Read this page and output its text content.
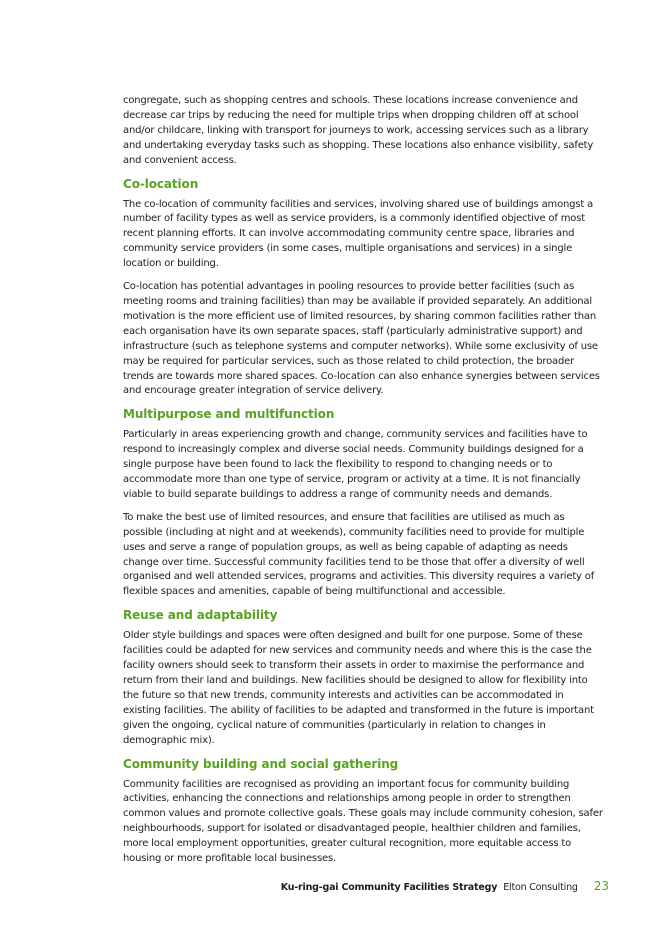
congregate, such as shopping centres and schools. These locations increase convenience and decrease car trips by reducing the need for multiple trips when dropping children off at school and/or childcare, linking with transport for journeys to work, accessing services such as a library and undertaking everyday tasks such as shopping. These locations also enhance visibility, safety and convenient access.

Co-location

The co-location of community facilities and services, involving shared use of buildings amongst a number of facility types as well as service providers, is a commonly identified objective of most recent planning efforts. It can involve accommodating community centre space, libraries and community service providers (in some cases, multiple organisations and services) in a single location or building.

Co-location has potential advantages in pooling resources to provide better facilities (such as meeting rooms and training facilities) than may be available if provided separately. An additional motivation is the more efficient use of limited resources, by sharing common facilities rather than each organisation have its own separate spaces, staff (particularly administrative support) and infrastructure (such as telephone systems and computer networks). While some exclusivity of use may be required for particular services, such as those related to child protection, the broader trends are towards more shared spaces. Co-location can also enhance synergies between services and encourage greater integration of service delivery.

Multipurpose and multifunction

Particularly in areas experiencing growth and change, community services and facilities have to respond to increasingly complex and diverse social needs. Community buildings designed for a single purpose have been found to lack the flexibility to respond to changing needs or to accommodate more than one type of service, program or activity at a time. It is not financially viable to build separate buildings to address a range of community needs and demands.

To make the best use of limited resources, and ensure that facilities are utilised as much as possible (including at night and at weekends), community facilities need to provide for multiple uses and serve a range of population groups, as well as being capable of adapting as needs change over time. Successful community facilities tend to be those that offer a diversity of well organised and well attended services, programs and activities. This diversity requires a variety of flexible spaces and amenities, capable of being multifunctional and accessible.

Reuse and adaptability

Older style buildings and spaces were often designed and built for one purpose. Some of these facilities could be adapted for new services and community needs and where this is the case the facility owners should seek to transform their assets in order to maximise the performance and return from their land and buildings. New facilities should be designed to allow for flexibility into the future so that new trends, community interests and activities can be accommodated in existing facilities. The ability of facilities to be adapted and transformed in the future is important given the ongoing, cyclical nature of communities (particularly in relation to changes in demographic mix).

Community building and social gathering

Community facilities are recognised as providing an important focus for community building activities, enhancing the connections and relationships among people in order to strengthen common values and promote collective goals. These goals may include community cohesion, safer neighbourhoods, support for isolated or disadvantaged people, healthier children and families, more local employment opportunities, greater cultural recognition, more equitable access to housing or more profitable local businesses.

Ku-ring-gai Community Facilities Strategy Elton Consulting 23
